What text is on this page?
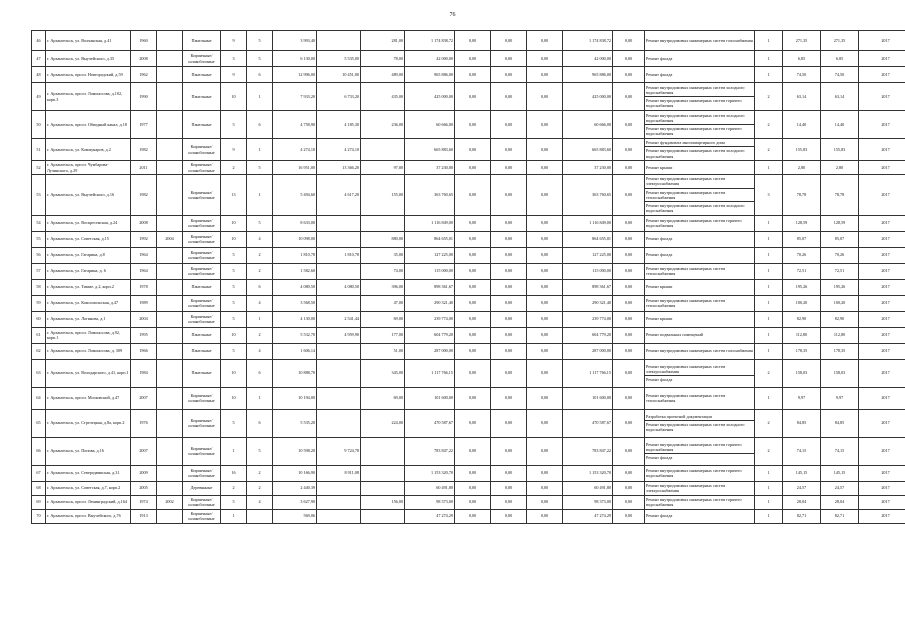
76
46	г. Архангельск, ул. Волчанская, д.41	1960		Панельные	9	5	3 993,40		281,00	1 174 838,72	0,00	0,00	0,00	1 174 838,72	0,00	Ремонт внутридомовых инженерных систем газоснабжения	1	271,35	271,35	2017
47	г. Архангельск, ул. Выучейского, д.35	2008		Кирпичные/ шлакоблочные	3	5	6 130,00	5 535,00	78,00	42 000,00	0,00	0,00	0,00	42 000,00	0,00	Ремонт фасада	1	6,85	6,85	2017
48	г. Архангельск, просп. Новгородский, д.59	1962		Панельные	9	6	12 996,00	10 451,00	489,00	965 886,00	0,00	0,00	0,00	965 886,00	0,00	Ремонт фасада	1	74,50	74,50	2017
49	г. Архангельск, просп. Ломоносова, д.102, корп.3	1990		Панельные	10	1	7 933,20	6 733,20	435,00	425 000,00	0,00	0,00	0,00	425 000,00	0,00	Ремонт внутридомовых инженерных систем холодного водоснабжения
Ремонт внутридомовых инженерных систем горячего водоснабжения	2	63,14	63,14	2017
50	г. Архангельск, просп. Обводный канал, д.18	1977		Панельные	5	6	4 758,90	4 185,30	236,00	60 666,00	0,00	0,00	0,00	60 666,00	0,00	Ремонт внутридомовых инженерных систем холодного водоснабжения
Ремонт внутридомовых инженерных систем горячего водоснабжения	2	14,40	14,40	2017
51	г. Архангельск, ул. Коммунаров, д.2	1982		Кирпичные/ шлакоблочные	9	1	4 274,10	4 274,10		665 883,60	0,00	0,00	0,00	665 883,60	0,00	Ремонт фундамента многоквартирного дома
Ремонт внутридомовых инженерных систем холодного водоснабжения	2	155,83	155,83	2017
52	г. Архангельск, просп. Чумбарова-Лучинского, д.29	2011		Кирпичные/ шлакоблочные	2	5	16 951,00	13 366,20	97,00	37 230,00	0,00	0,00	0,00	37 230,00	0,00	Ремонт крыши	1	2,80	2,80	2017
53	г. Архангельск, ул. Выучейского, д.16	1982		Кирпичные/ шлакоблочные	13	1	5 494,60	4 617,20	155,00	363 760,65	0,00	0,00	0,00	363 760,65	0,00	Ремонт внутридомовых инженерных систем электроснабжения
Ремонт внутридомовых инженерных систем теплоснабжения
Ремонт внутридомовых инженерных систем холодного водоснабжения	3	78,78	78,78	2017
54	г. Архангельск, ул. Воскресенская, д.24	2008		Кирпичные/ шлакоблочные	10	5	8 633,00			1 116 849,00	0,00	0,00	0,00	1 116 849,00	0,00	Ремонт внутридомовых инженерных систем горячего водоснабжения	1	128,59	128,59	2017
55	г. Архангельск, ул. Советская, д.15	1992	2004	Кирпичные/ шлакоблочные	10	4	10 098,00		880,00	864 655,01	0,00	0,00	0,00	864 655,01	0,00	Ремонт фасада	1	85,07	85,07	2017
56	г. Архангельск, ул. Гагарина, д.8	1964		Кирпичные/ шлакоблочные	5	2	1 810,78	1 810,78	35,00	127 225,00	0,00	0,00	0,00	127 225,00	0,00	Ремонт фасада	1	70,26	70,26	2017
57	г. Архангельск, ул. Гагарина, д. 6	1964		Кирпичные/ шлакоблочные	5	2	1 582,60		74,00	115 000,00	0,00	0,00	0,00	115 000,00	0,00	Ремонт внутридомовых инженерных систем теплоснабжения	1	72,51	72,51	2017
58	г. Архангельск, ул. Тимме, д.2, корп.2	1978		Панельные	5	6	4 080,50	4 080,50	396,00	898 361,67	0,00	0,00	0,00	898 361,67	0,00	Ремонт крыши	1	195,26	195,26	2017
59	г. Архангельск, ул. Комсомольская, д.47	1989		Кирпичные/ шлакоблочные	5	4	3 568,50		47,00	290 321,40	0,00	0,00	0,00	290 321,40	0,00	Ремонт внутридомовых инженерных систем теплоснабжения	1	100,20	100,20	2017
60	г. Архангельск, ул. Логинова, д.1	2004		Кирпичные/ шлакоблочные	5	1	4 130,00	2 541,44	69,00	239 774,00	0,00	0,00	0,00	239 774,00	0,00	Ремонт крыши	1	82,90	82,90	2017
61	г. Архангельск, просп. Ломоносова, д.92, корп.1	1995		Панельные	10	2	5 532,70	4 959,90	177,00	604 779,20	0,00	0,00	0,00	604 779,20	0,00	Ремонт подвальных помещений	1	112,80	112,80	2017
62	г. Архангельск, просп. Ломоносова, д. 309	1966		Панельные	5	4	1 606,14		51,00	287 000,00	0,00	0,00	0,00	287 000,00	0,00	Ремонт внутридомовых инженерных систем газоснабжения	1	178,35	178,35	2017
63	г. Архангельск, ул. Володарского, д.41, корп.1	1984		Панельные	10	6	10 888,70		345,00	1 117 766,15	0,00	0,00	0,00	1 117 766,15	0,00	Ремонт внутридомовых инженерных систем электроснабжения
Ремонт фасада	2	158,03	158,03	2017
64	г. Архангельск, просп. Московский, д.47	2007		Кирпичные/ шлакоблочные	10	1	10 194,00		69,00	101 600,00	0,00	0,00	0,00	101 600,00	0,00	Ремонт внутридомовых инженерных систем теплоснабжения	1	9,97	9,97	2017
65	г. Архангельск, ул. Стрелецкая, д.8а, корп.2	1976		Кирпичные/ шлакоблочные	5	6	5 535,20		224,00	470 587,67	0,00	0,00	0,00	470 587,67	0,00	Разработка проектной документации
Ремонт внутридомовых инженерных систем холодного водоснабжения	2	84,85	84,85	2017
66	г. Архангельск, ул. Попова, д.16	2007		Кирпичные/ шлакоблочные	1	5	10 598,20	9 724,78		783 847,22	0,00	0,00	0,00	783 847,22	0,00	Ремонт внутридомовых инженерных систем горячего водоснабжения
Ремонт фасада	2	74,15	74,15	2017
67	г. Архангельск, ул. Северодвинская, д.31	2009		Кирпичные/ шлакоблочные	16	2	10 166,90	8 911,08		1 153 320,70	0,00	0,00	0,00	1 153 320,70	0,00	Ремонт внутридомовых инженерных систем горячего водоснабжения	1	145,15	145,15	2017
68	г. Архангельск, ул. Советская, д.7, корп.2	2005		Деревянные	2	2	2 440,39			60 491,80	0,00	0,00	0,00	60 491,80	0,00	Ремонт внутридомовых инженерных систем электроснабжения	1	24,57	24,57	2017
69	г. Архангельск, просп. Ленинградский, д.164	1974	2002	Кирпичные/ шлакоблочные	5	4	3 627,90		156,00	98 373,00	0,00	0,00	0,00	98 373,00	0,00	Ремонт внутридомовых инженерных систем горячего водоснабжения	1	28,04	28,04	2017
70	г. Архангельск, просп. Выучейского, д.76	1913		Кирпичные/ шлакоблочные	1		569,06			47 274,29	0,00	0,00	0,00	47 274,29	0,00	Ремонт фасада	1	82,71	82,71	2017
